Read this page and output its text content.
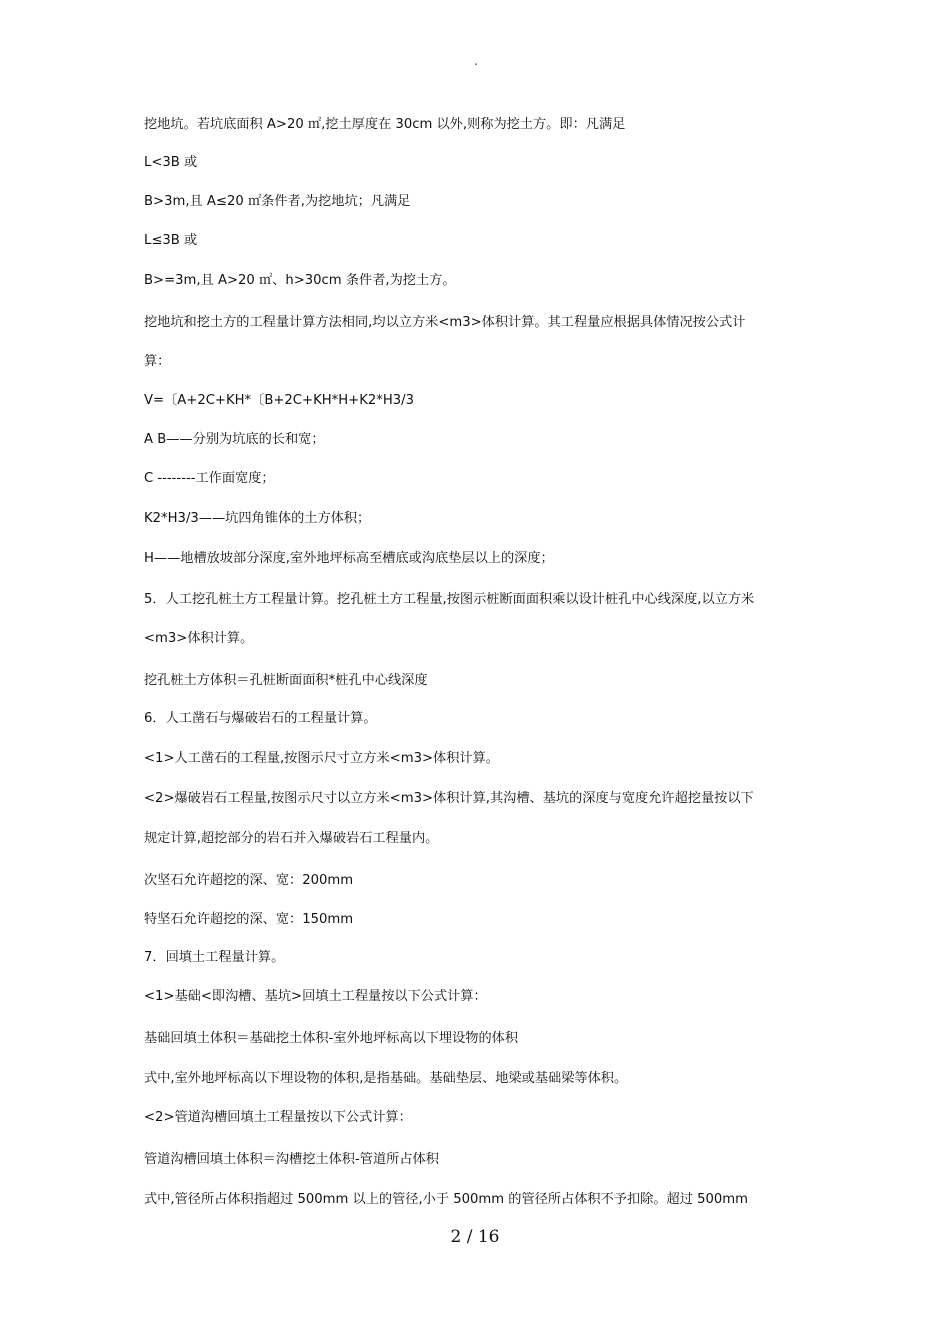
.
挖地坑。若坑底面积 A>20 ㎡,挖土厚度在 30cm 以外,则称为挖土方。即：凡满足
L<3B 或
B>3m,且 A≤20 ㎡条件者,为挖地坑；凡满足
L≤3B 或
B>=3m,且 A>20 ㎡、h>30cm 条件者,为挖土方。
挖地坑和挖土方的工程量计算方法相同,均以立方米<m3>体积计算。其工程量应根据具体情况按公式计
算：
V=〔A+2C+KH*〔B+2C+KH*H+K2*H3/3
A B——分别为坑底的长和宽；
C --------工作面宽度；
K2*H3/3——坑四角锥体的土方体积；
H——地槽放坡部分深度,室外地坪标高至槽底或沟底垫层以上的深度；
5．人工挖孔桩土方工程量计算。挖孔桩土方工程量,按图示桩断面面积乘以设计桩孔中心线深度,以立方米
<m3>体积计算。
挖孔桩土方体积＝孔桩断面面积*桩孔中心线深度
6．人工凿石与爆破岩石的工程量计算。
<1>人工凿石的工程量,按图示尺寸立方米<m3>体积计算。
<2>爆破岩石工程量,按图示尺寸以立方米<m3>体积计算,其沟槽、基坑的深度与宽度允许超挖量按以下
规定计算,超挖部分的岩石并入爆破岩石工程量内。
次坚石允许超挖的深、宽：200mm
特坚石允许超挖的深、宽：150mm
7．回填土工程量计算。
<1>基础<即沟槽、基坑>回填土工程量按以下公式计算：
基础回填土体积＝基础挖土体积-室外地坪标高以下埋设物的体积
式中,室外地坪标高以下埋设物的体积,是指基础。基础垫层、地梁或基础梁等体积。
<2>管道沟槽回填土工程量按以下公式计算：
管道沟槽回填土体积＝沟槽挖土体积-管道所占体积
式中,管径所占体积指超过 500mm 以上的管径,小于 500mm 的管径所占体积不予扣除。超过 500mm
2 / 16
